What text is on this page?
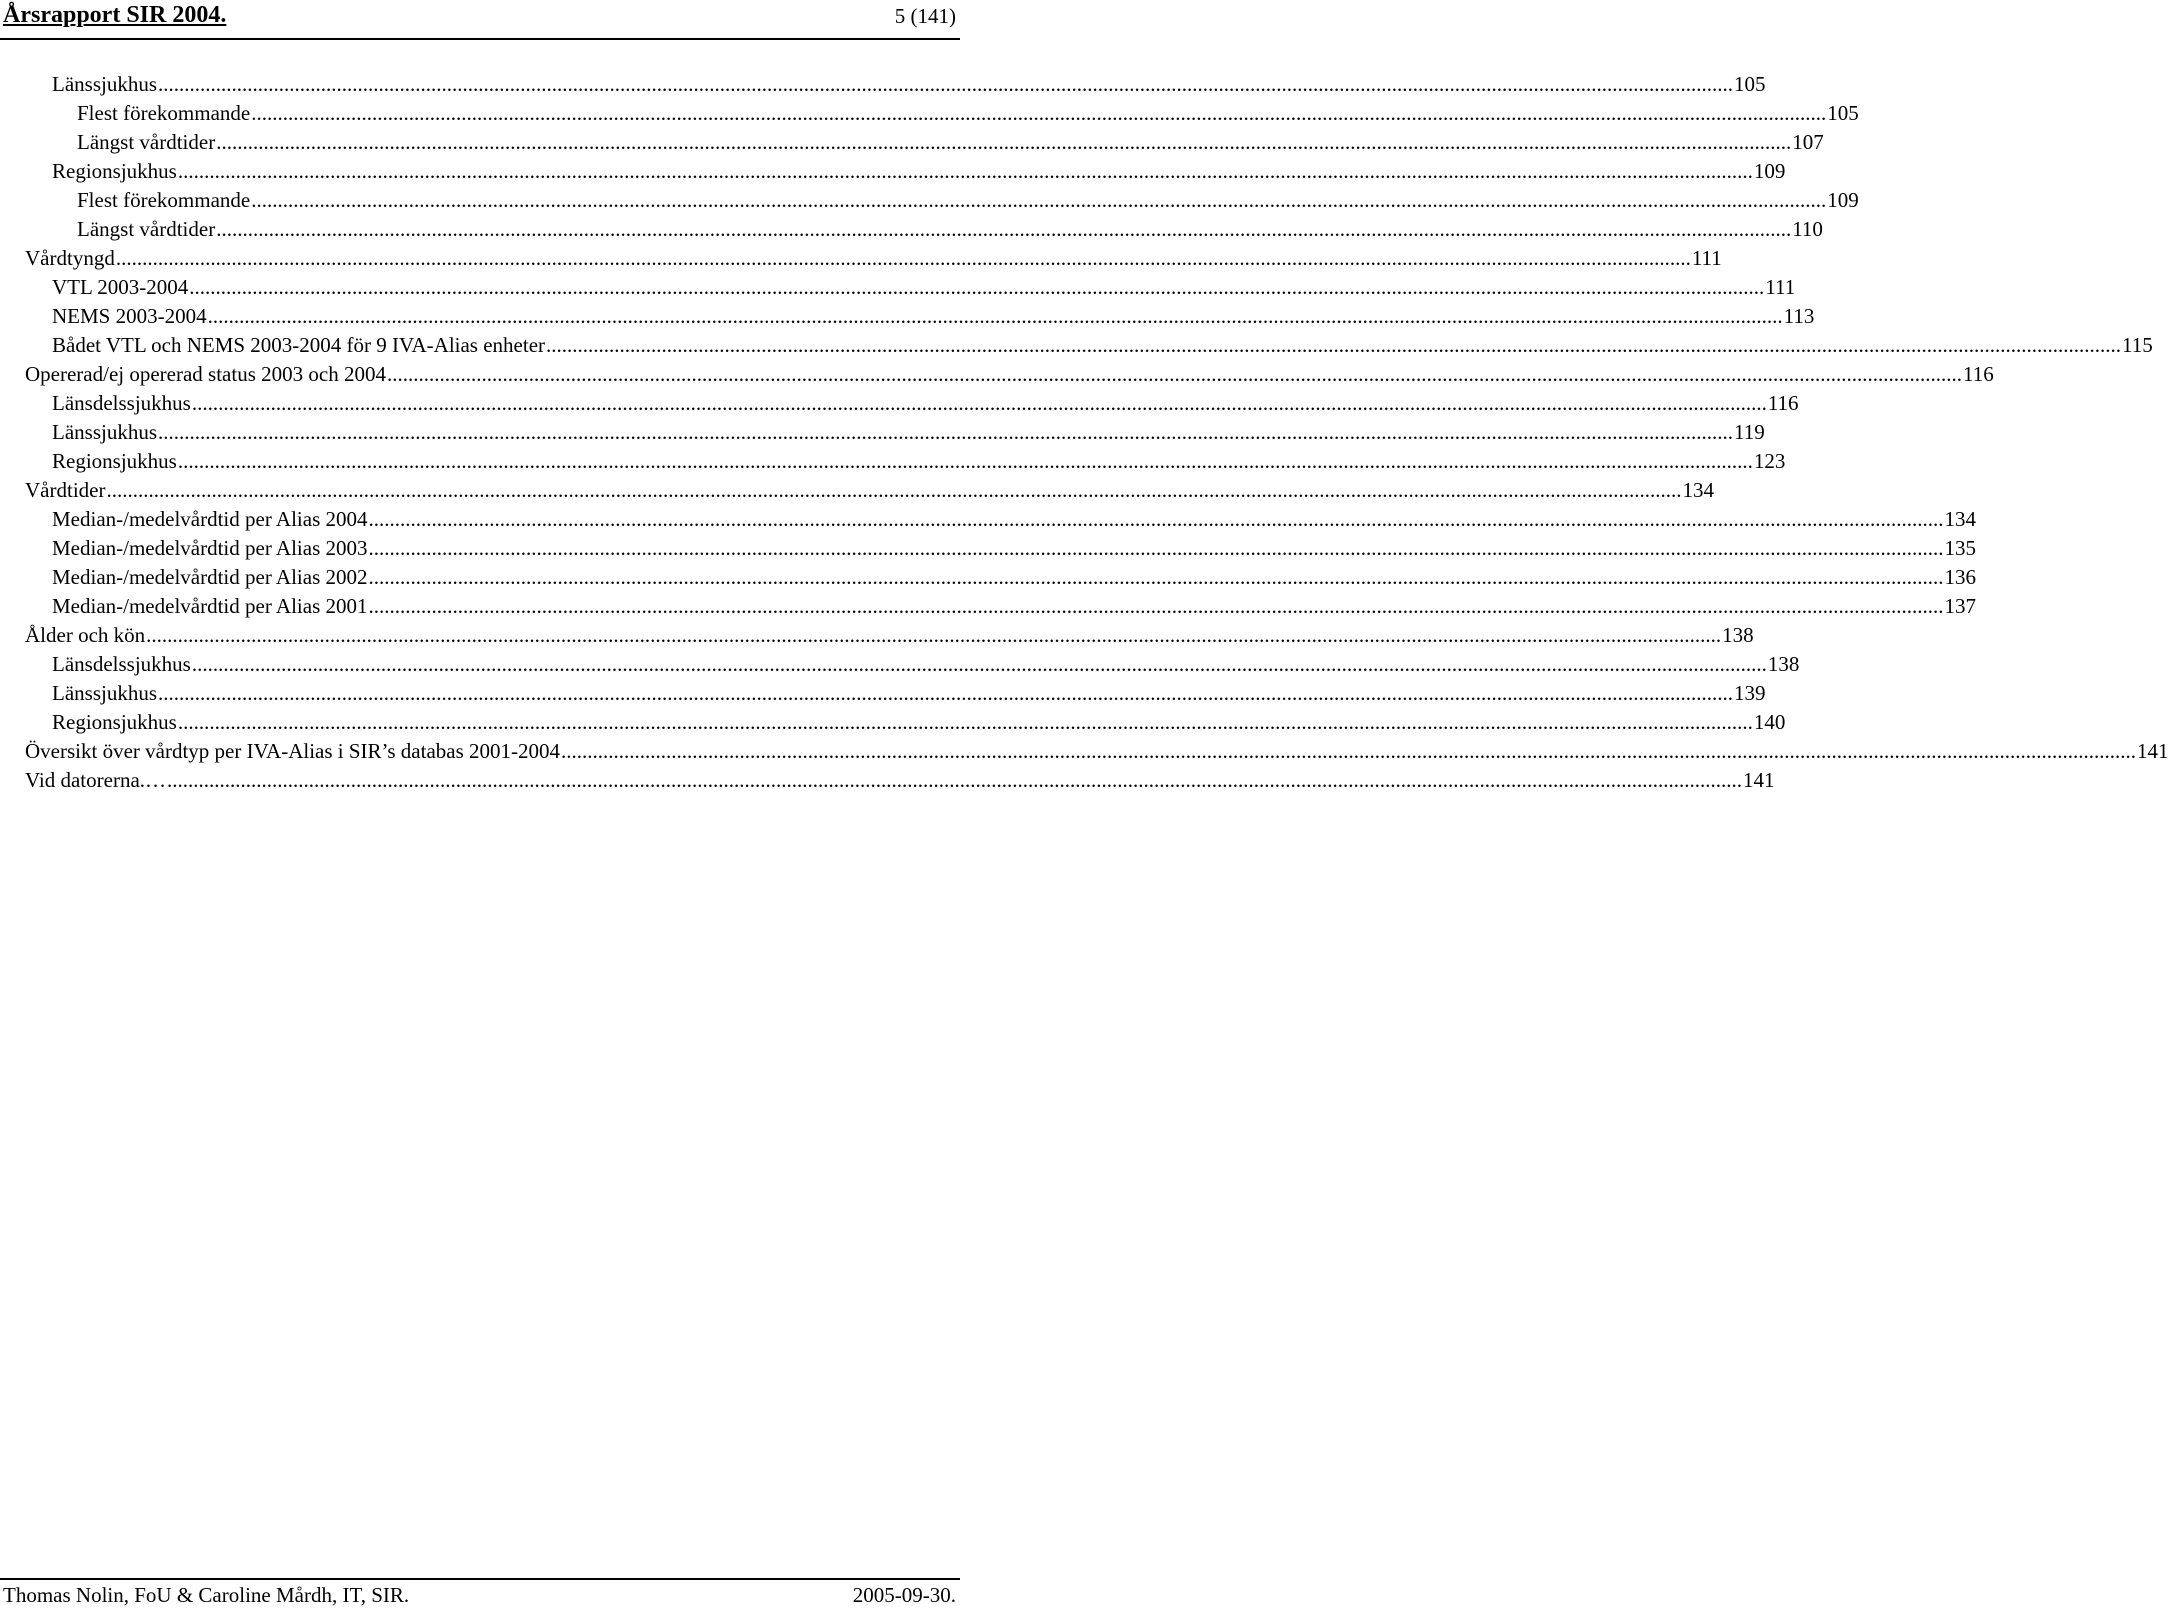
Årsrapport SIR 2004.	5 (141)
Länssjukhus ............................................................................................................................................................................................................................................................................................................ 105
Flest förekommande ............................................................................................................................................................................................................................................................................................................ 105
Längst vårdtider ............................................................................................................................................................................................................................................................................................................ 107
Regionsjukhus ............................................................................................................................................................................................................................................................................................................ 109
Flest förekommande ............................................................................................................................................................................................................................................................................................................ 109
Längst vårdtider ............................................................................................................................................................................................................................................................................................................ 110
Vårdtyngd ............................................................................................................................................................................................................................................................................................................ 111
VTL 2003-2004 ............................................................................................................................................................................................................................................................................................................ 111
NEMS 2003-2004 ............................................................................................................................................................................................................................................................................................................ 113
Bådet VTL och NEMS 2003-2004 för 9 IVA-Alias enheter ............................................................................................................................................................................................................................................................................................................ 115
Opererad/ej opererad status 2003 och 2004 ............................................................................................................................................................................................................................................................................................................ 116
Länsdelssjukhus ............................................................................................................................................................................................................................................................................................................ 116
Länssjukhus ............................................................................................................................................................................................................................................................................................................ 119
Regionsjukhus ............................................................................................................................................................................................................................................................................................................ 123
Vårdtider ............................................................................................................................................................................................................................................................................................................ 134
Median-/medelvårdtid per Alias 2004 ............................................................................................................................................................................................................................................................................................................ 134
Median-/medelvårdtid per Alias 2003 ............................................................................................................................................................................................................................................................................................................ 135
Median-/medelvårdtid per Alias 2002 ............................................................................................................................................................................................................................................................................................................ 136
Median-/medelvårdtid per Alias 2001 ............................................................................................................................................................................................................................................................................................................ 137
Ålder och kön ............................................................................................................................................................................................................................................................................................................ 138
Länsdelssjukhus ............................................................................................................................................................................................................................................................................................................ 138
Länssjukhus ............................................................................................................................................................................................................................................................................................................ 139
Regionsjukhus ............................................................................................................................................................................................................................................................................................................ 140
Översikt över vårdtyp per IVA-Alias i SIR’s databas 2001-2004 ............................................................................................................................................................................................................................................................................................................ 141
Vid datorerna.… ............................................................................................................................................................................................................................................................................................................ 141
Thomas Nolin, FoU & Caroline Mårdh, IT, SIR.	2005-09-30.
